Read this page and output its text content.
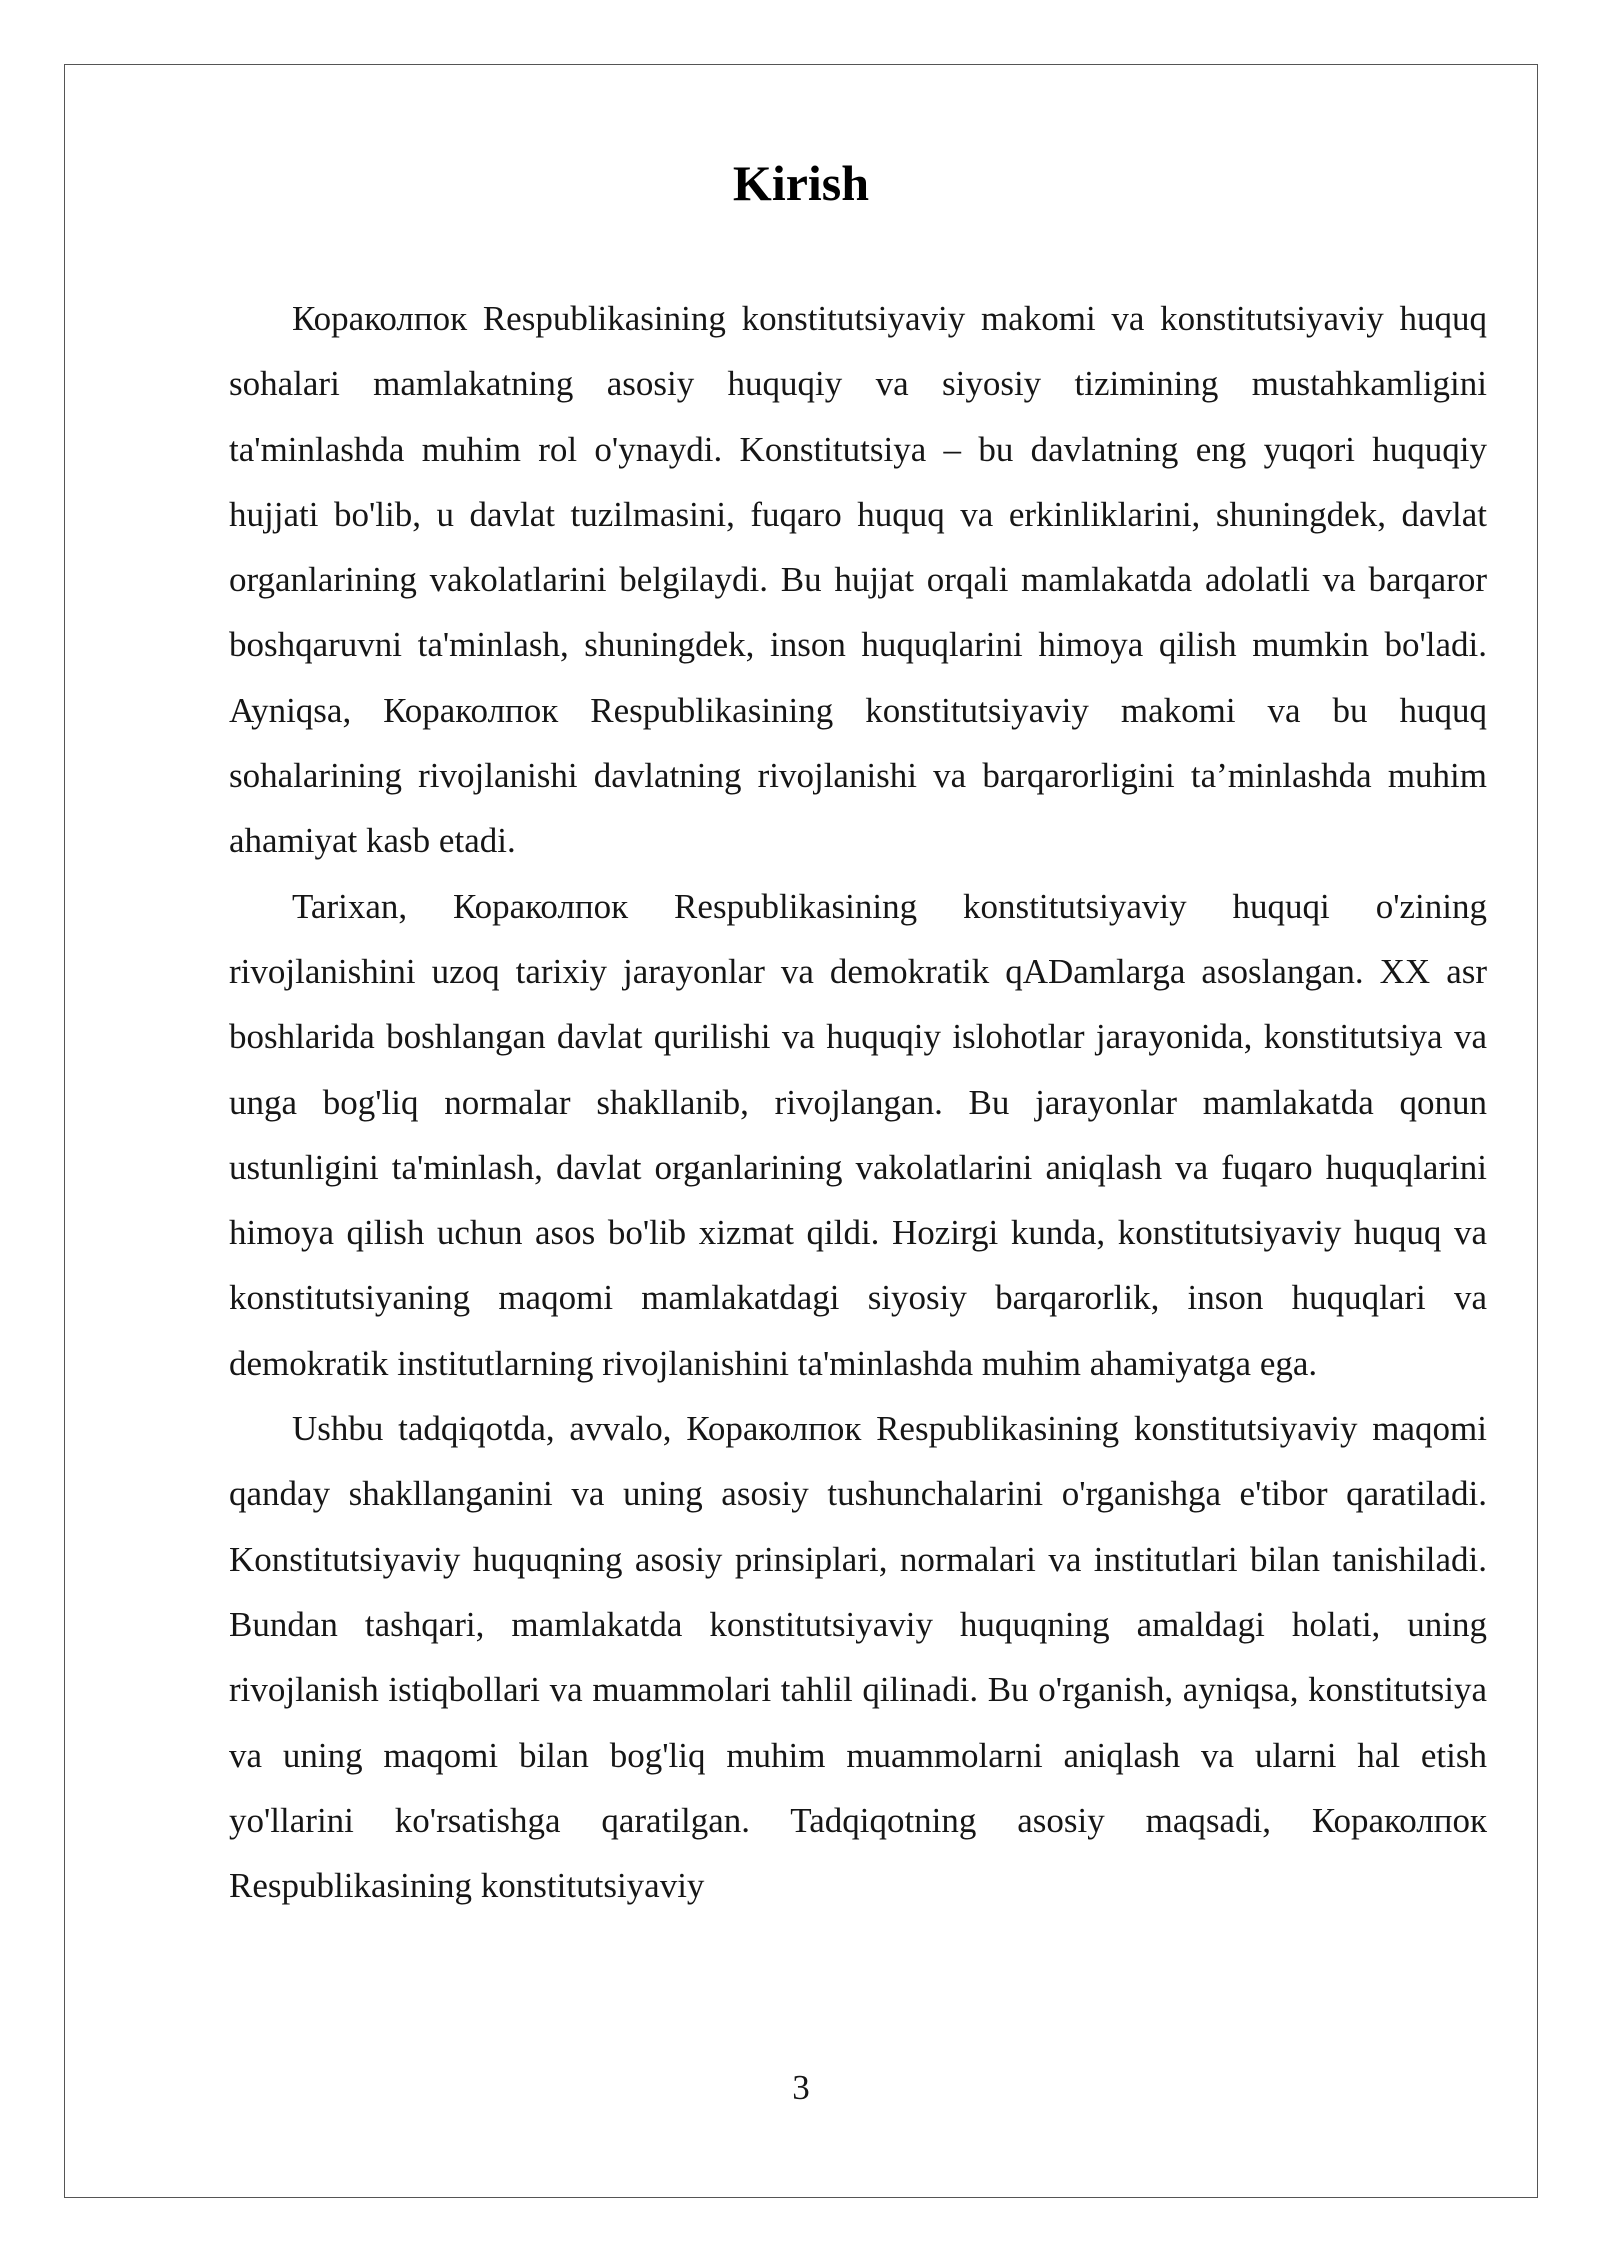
Kirish

Кораколпок Respublikasining konstitutsiyaviy makomi va konstitutsiyaviy huquq sohalari mamlakatning asosiy huquqiy va siyosiy tizimining mustahkamligini ta'minlashda muhim rol o'ynaydi. Konstitutsiya – bu davlatning eng yuqori huquqiy hujjati bo'lib, u davlat tuzilmasini, fuqaro huquq va erkinliklarini, shuningdek, davlat organlarining vakolatlarini belgilaydi. Bu hujjat orqali mamlakatda adolatli va barqaror boshqaruvni ta'minlash, shuningdek, inson huquqlarini himoya qilish mumkin bo'ladi. Ayniqsa, Кораколпок Respublikasining konstitutsiyaviy makomi va bu huquq sohalarining rivojlanishi davlatning rivojlanishi va barqarorligini ta’minlashda muhim ahamiyat kasb etadi.

Tarixan, Кораколпок Respublikasining konstitutsiyaviy huquqi o'zining rivojlanishini uzoq tarixiy jarayonlar va demokratik qADamlarga asoslangan. XX asr boshlarida boshlangan davlat qurilishi va huquqiy islohotlar jarayonida, konstitutsiya va unga bog'liq normalar shakllanib, rivojlangan. Bu jarayonlar mamlakatda qonun ustunligini ta'minlash, davlat organlarining vakolatlarini aniqlash va fuqaro huquqlarini himoya qilish uchun asos bo'lib xizmat qildi. Hozirgi kunda, konstitutsiyaviy huquq va konstitutsiyaning maqomi mamlakatdagi siyosiy barqarorlik, inson huquqlari va demokratik institutlarning rivojlanishini ta'minlashda muhim ahamiyatga ega.

Ushbu tadqiqotda, avvalo, Кораколпок Respublikasining konstitutsiyaviy maqomi qanday shakllanganini va uning asosiy tushunchalarini o'rganishga e'tibor qaratiladi. Konstitutsiyaviy huquqning asosiy prinsiplari, normalari va institutlari bilan tanishiladi. Bundan tashqari, mamlakatda konstitutsiyaviy huquqning amaldagi holati, uning rivojlanish istiqbollari va muammolari tahlil qilinadi. Bu o'rganish, ayniqsa, konstitutsiya va uning maqomi bilan bog'liq muhim muammolarni aniqlash va ularni hal etish yo'llarini ko'rsatishga qaratilgan. Tadqiqotning asosiy maqsadi, Кораколпок Respublikasining konstitutsiyaviy

3
